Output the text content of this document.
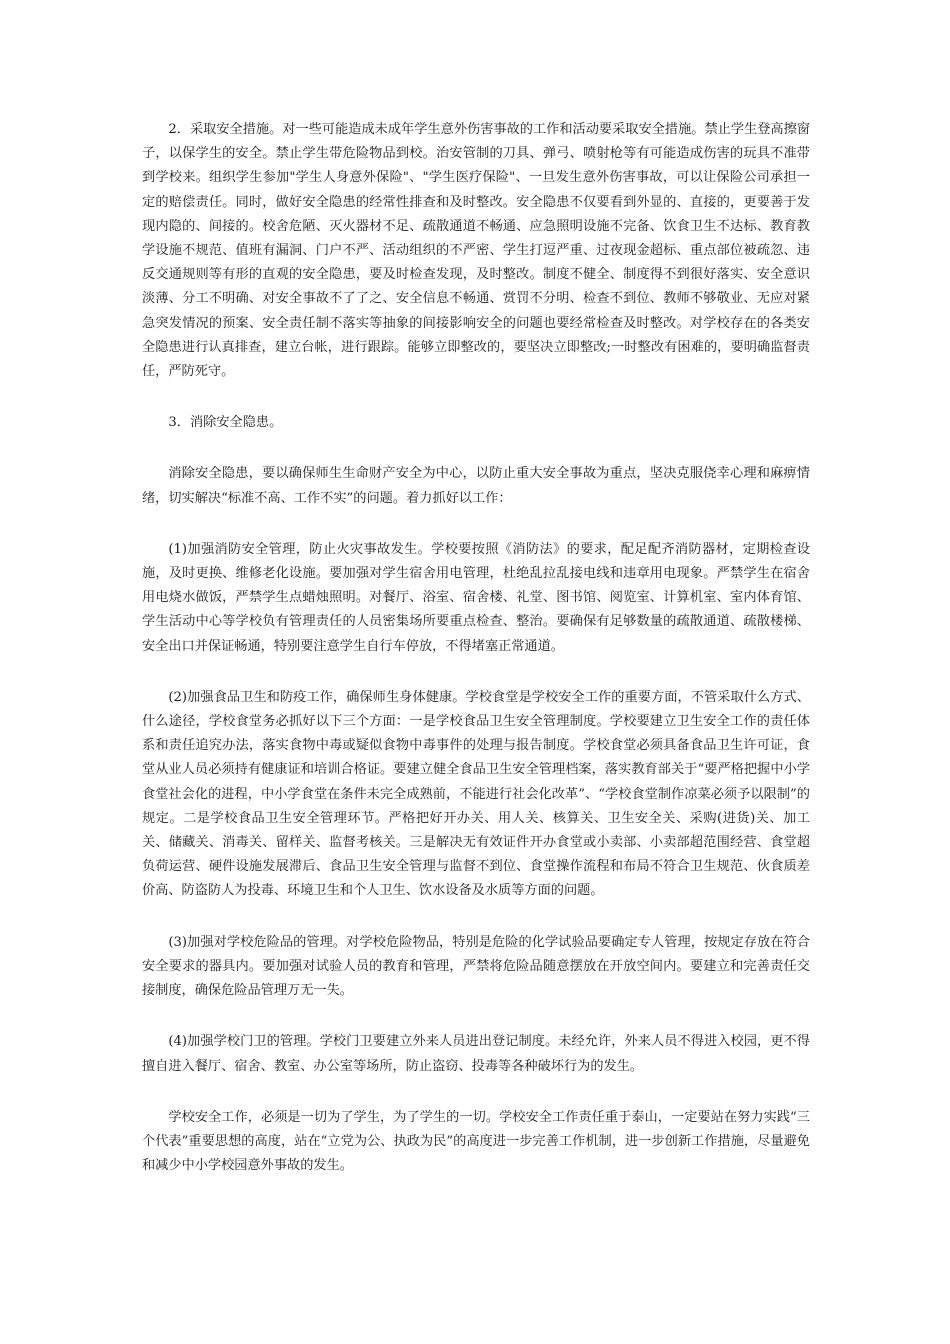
2．采取安全措施。对一些可能造成未成年学生意外伤害事故的工作和活动要采取安全措施。禁止学生登高擦窗子，以保学生的安全。禁止学生带危险物品到校。治安管制的刀具、弹弓、喷射枪等有可能造成伤害的玩具不准带到学校来。组织学生参加"学生人身意外保险"、"学生医疗保险"、一旦发生意外伤害事故，可以让保险公司承担一定的赔偿责任。同时，做好安全隐患的经常性排查和及时整改。安全隐患不仅要看到外显的、直接的，更要善于发现内隐的、间接的。校舍危陋、灭火器材不足、疏散通道不畅通、应急照明设施不完备、饮食卫生不达标、教育教学设施不规范、值班有漏洞、门户不严、活动组织的不严密、学生打逗严重、过夜现金超标、重点部位被疏忽、违反交通规则等有形的直观的安全隐患，要及时检查发现，及时整改。制度不健全、制度得不到很好落实、安全意识淡薄、分工不明确、对安全事故不了了之、安全信息不畅通、赏罚不分明、检查不到位、教师不够敬业、无应对紧急突发情况的预案、安全责任制不落实等抽象的间接影响安全的问题也要经常检查及时整改。对学校存在的各类安全隐患进行认真排查，建立台帐，进行跟踪。能够立即整改的，要坚决立即整改;一时整改有困难的，要明确监督责任，严防死守。

3．消除安全隐患。

消除安全隐患，要以确保师生生命财产安全为中心，以防止重大安全事故为重点，坚决克服侥幸心理和麻痹情绪，切实解决“标准不高、工作不实”的问题。着力抓好以工作：

(1)加强消防安全管理，防止火灾事故发生。学校要按照《消防法》的要求，配足配齐消防器材，定期检查设施，及时更换、维修老化设施。要加强对学生宿舍用电管理，杜绝乱拉乱接电线和违章用电现象。严禁学生在宿舍用电烧水做饭，严禁学生点蜡烛照明。对餐厅、浴室、宿舍楼、礼堂、图书馆、阅览室、计算机室、室内体育馆、学生活动中心等学校负有管理责任的人员密集场所要重点检查、整治。要确保有足够数量的疏散通道、疏散楼梯、安全出口并保证畅通，特别要注意学生自行车停放，不得堵塞正常通道。

(2)加强食品卫生和防疫工作，确保师生身体健康。学校食堂是学校安全工作的重要方面，不管采取什么方式、什么途径，学校食堂务必抓好以下三个方面：一是学校食品卫生安全管理制度。学校要建立卫生安全工作的责任体系和责任追究办法，落实食物中毒或疑似食物中毒事件的处理与报告制度。学校食堂必须具备食品卫生许可证，食堂从业人员必须持有健康证和培训合格证。要建立健全食品卫生安全管理档案，落实教育部关于“要严格把握中小学食堂社会化的进程，中小学食堂在条件未完全成熟前，不能进行社会化改革”、“学校食堂制作凉菜必须予以限制”的规定。二是学校食品卫生安全管理环节。严格把好开办关、用人关、核算关、卫生安全关、采购(进货)关、加工关、储藏关、消毒关、留样关、监督考核关。三是解决无有效证件开办食堂或小卖部、小卖部超范围经营、食堂超负荷运营、硬件设施发展滞后、食品卫生安全管理与监督不到位、食堂操作流程和布局不符合卫生规范、伙食质差价高、防盗防人为投毒、环境卫生和个人卫生、饮水设备及水质等方面的问题。

(3)加强对学校危险品的管理。对学校危险物品，特别是危险的化学试验品要确定专人管理，按规定存放在符合安全要求的器具内。要加强对试验人员的教育和管理，严禁将危险品随意摆放在开放空间内。要建立和完善责任交接制度，确保危险品管理万无一失。

(4)加强学校门卫的管理。学校门卫要建立外来人员进出登记制度。未经允许，外来人员不得进入校园，更不得擅自进入餐厅、宿舍、教室、办公室等场所，防止盗窃、投毒等各种破坏行为的发生。

学校安全工作，必须是一切为了学生，为了学生的一切。学校安全工作责任重于泰山，一定要站在努力实践“三个代表”重要思想的高度，站在“立党为公、执政为民”的高度进一步完善工作机制，进一步创新工作措施，尽量避免和减少中小学校园意外事故的发生。
